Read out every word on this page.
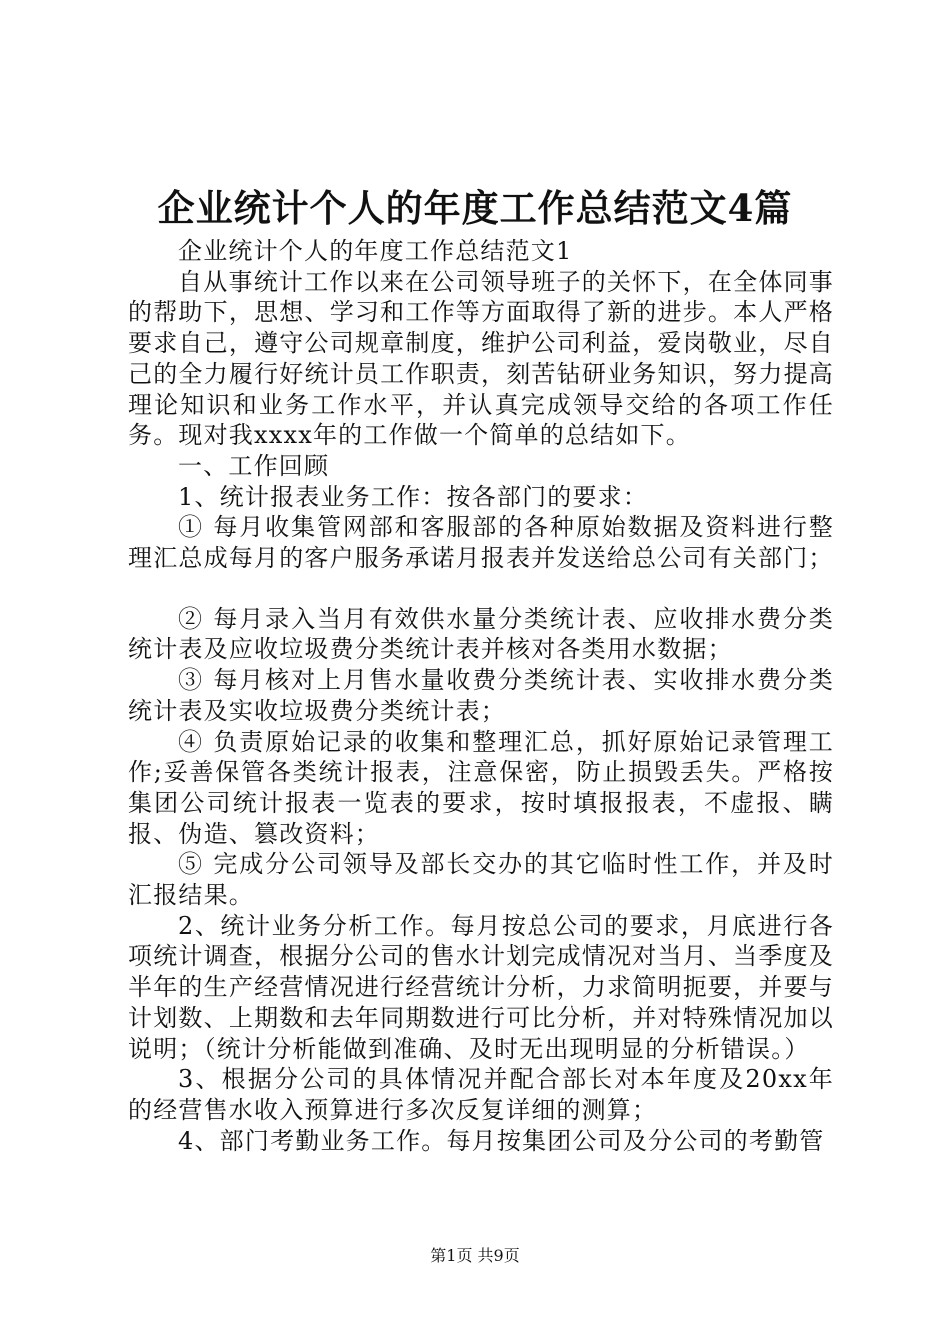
企业统计个人的年度工作总结范文4篇

企业统计个人的年度工作总结范文1

自从事统计工作以来在公司领导班子的关怀下，在全体同事的帮助下，思想、学习和工作等方面取得了新的进步。本人严格要求自己，遵守公司规章制度，维护公司利益，爱岗敬业，尽自己的全力履行好统计员工作职责，刻苦钻研业务知识，努力提高理论知识和业务工作水平，并认真完成领导交给的各项工作任务。现对我xxxx年的工作做一个简单的总结如下。

一、工作回顾

1、统计报表业务工作：按各部门的要求：

① 每月收集管网部和客服部的各种原始数据及资料进行整理汇总成每月的客户服务承诺月报表并发送给总公司有关部门；

② 每月录入当月有效供水量分类统计表、应收排水费分类统计表及应收垃圾费分类统计表并核对各类用水数据；

③ 每月核对上月售水量收费分类统计表、实收排水费分类统计表及实收垃圾费分类统计表；

④ 负责原始记录的收集和整理汇总，抓好原始记录管理工作;妥善保管各类统计报表，注意保密，防止损毁丢失。严格按集团公司统计报表一览表的要求，按时填报报表，不虚报、瞒报、伪造、篡改资料；

⑤ 完成分公司领导及部长交办的其它临时性工作，并及时汇报结果。

2、统计业务分析工作。每月按总公司的要求，月底进行各项统计调查，根据分公司的售水计划完成情况对当月、当季度及半年的生产经营情况进行经营统计分析，力求简明扼要，并要与计划数、上期数和去年同期数进行可比分析，并对特殊情况加以说明；（统计分析能做到准确、及时无出现明显的分析错误。）

3、根据分公司的具体情况并配合部长对本年度及20xx年的经营售水收入预算进行多次反复详细的测算；

4、部门考勤业务工作。每月按集团公司及分公司的考勤管

第1页 共9页
